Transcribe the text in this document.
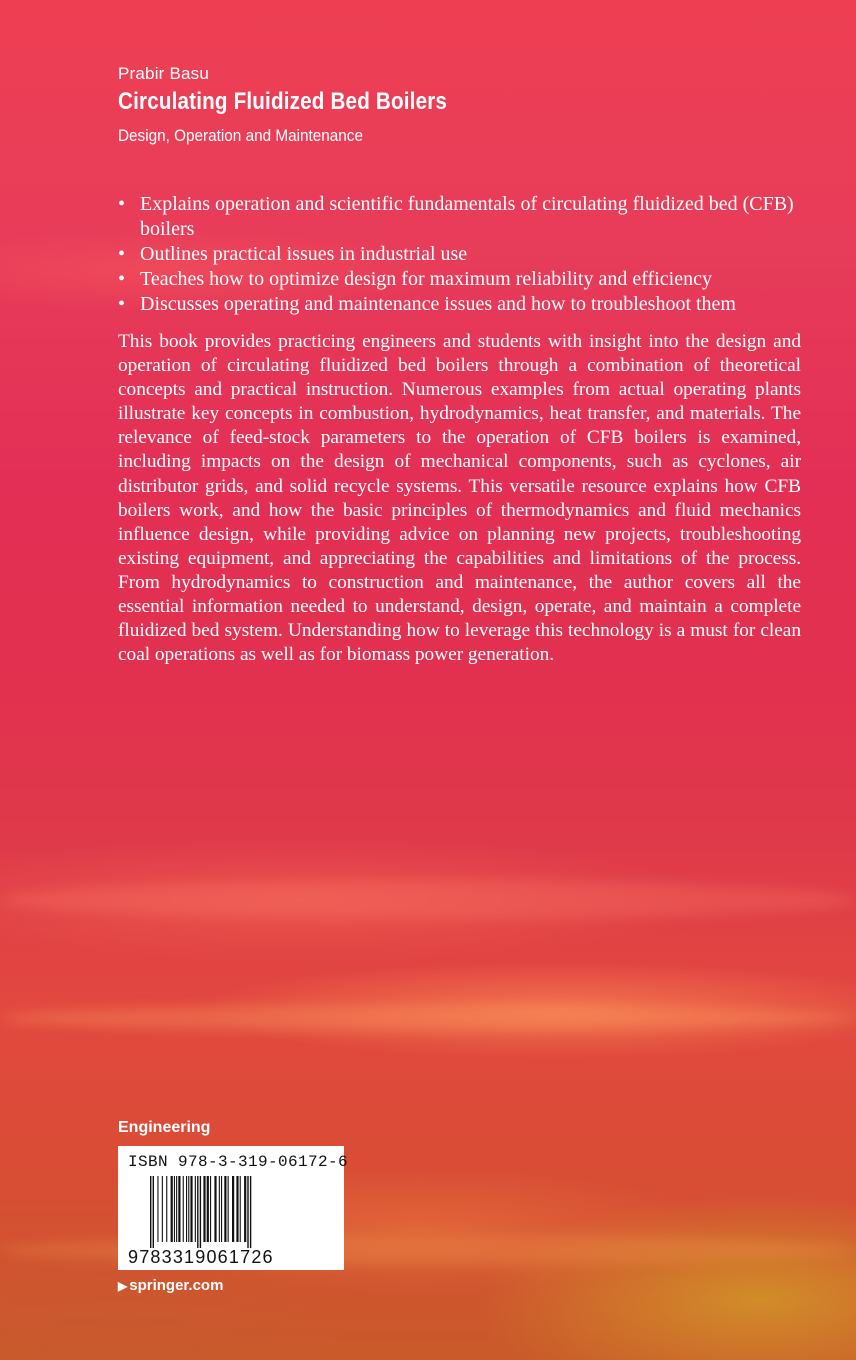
Prabir Basu
Circulating Fluidized Bed Boilers
Design, Operation and Maintenance
• Explains operation and scientific fundamentals of circulating fluidized bed (CFB) boilers
• Outlines practical issues in industrial use
• Teaches how to optimize design for maximum reliability and efficiency
• Discusses operating and maintenance issues and how to troubleshoot them

This book provides practicing engineers and students with insight into the design and operation of circulating fluidized bed boilers through a combination of theoretical concepts and practical instruction. Numerous examples from actual operating plants illustrate key concepts in combustion, hydrodynamics, heat transfer, and materials. The relevance of feed-stock parameters to the operation of CFB boilers is examined, including impacts on the design of mechanical components, such as cyclones, air distributor grids, and solid recycle systems. This versatile resource explains how CFB boilers work, and how the basic principles of thermodynamics and fluid mechanics influence design, while providing advice on planning new projects, troubleshooting existing equipment, and appreciating the capabilities and limitations of the process. From hydrodynamics to construction and maintenance, the author covers all the essential information needed to understand, design, operate, and maintain a complete fluidized bed system. Understanding how to leverage this technology is a must for clean coal operations as well as for biomass power generation.

Engineering
ISBN 978-3-319-06172-6
9783319061726
▶ springer.com
